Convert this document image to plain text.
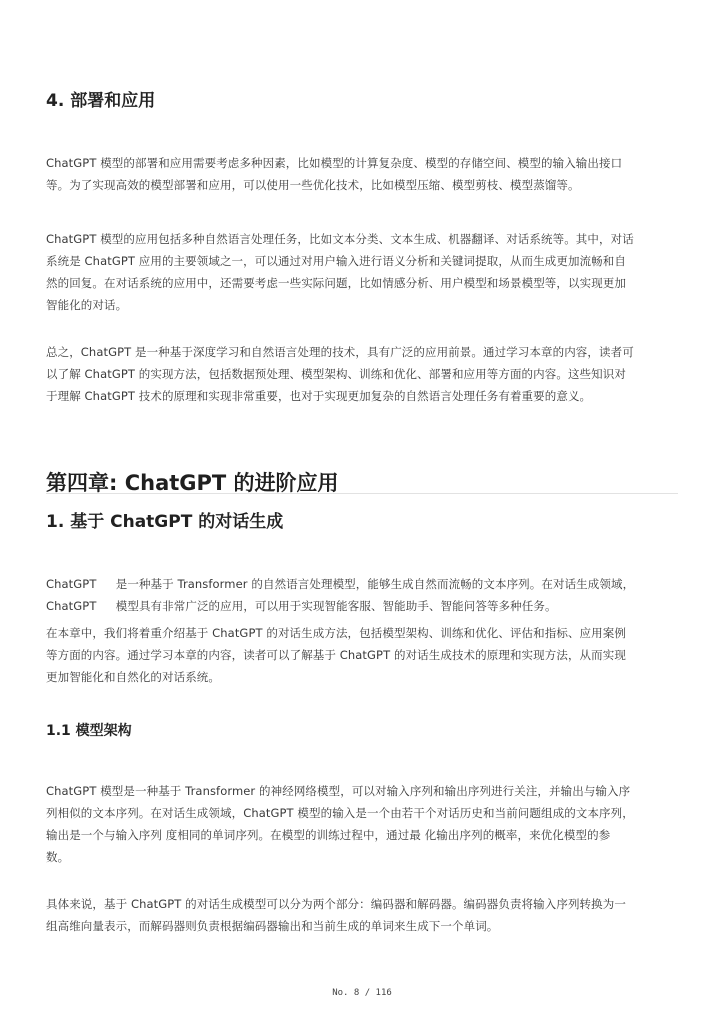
4. 部署和应用
ChatGPT 模型的部署和应用需要考虑多种因素，比如模型的计算复杂度、模型的存储空间、模型的输入输出接口
等。为了实现高效的模型部署和应用，可以使用一些优化技术，比如模型压缩、模型剪枝、模型蒸馏等。
ChatGPT 模型的应用包括多种自然语言处理任务，比如文本分类、文本生成、机器翻译、对话系统等。其中，对话
系统是 ChatGPT 应用的主要领域之一，可以通过对用户输入进行语义分析和关键词提取，从而生成更加流畅和自
然的回复。在对话系统的应用中，还需要考虑一些实际问题，比如情感分析、用户模型和场景模型等，以实现更加
智能化的对话。
总之，ChatGPT 是一种基于深度学习和自然语言处理的技术，具有广泛的应用前景。通过学习本章的内容，读者可
以了解 ChatGPT 的实现方法，包括数据预处理、模型架构、训练和优化、部署和应用等方面的内容。这些知识对
于理解 ChatGPT 技术的原理和实现非常重要，也对于实现更加复杂的自然语言处理任务有着重要的意义。
第四章: ChatGPT 的进阶应用
1. 基于 ChatGPT 的对话生成
ChatGPT 是一种基于 Transformer 的自然语言处理模型，能够生成自然而流畅的文本序列。在对话生成领域，
ChatGPT 模型具有非常广泛的应用，可以用于实现智能客服、智能助手、智能问答等多种任务。
在本章中，我们将着重介绍基于 ChatGPT 的对话生成方法，包括模型架构、训练和优化、评估和指标、应用案例
等方面的内容。通过学习本章的内容，读者可以了解基于 ChatGPT 的对话生成技术的原理和实现方法，从而实现
更加智能化和自然化的对话系统。
1.1 模型架构
ChatGPT 模型是一种基于 Transformer 的神经网络模型，可以对输入序列和输出序列进行关注，并输出与输入序
列相似的文本序列。在对话生成领域，ChatGPT 模型的输入是一个由若干个对话历史和当前问题组成的文本序列，
输出是一个与输入序列 度相同的单词序列。在模型的训练过程中，通过最 化输出序列的概率，来优化模型的参
数。
具体来说，基于 ChatGPT 的对话生成模型可以分为两个部分：编码器和解码器。编码器负责将输入序列转换为一
组高维向量表示，而解码器则负责根据编码器输出和当前生成的单词来生成下一个单词。
No. 8 / 116
